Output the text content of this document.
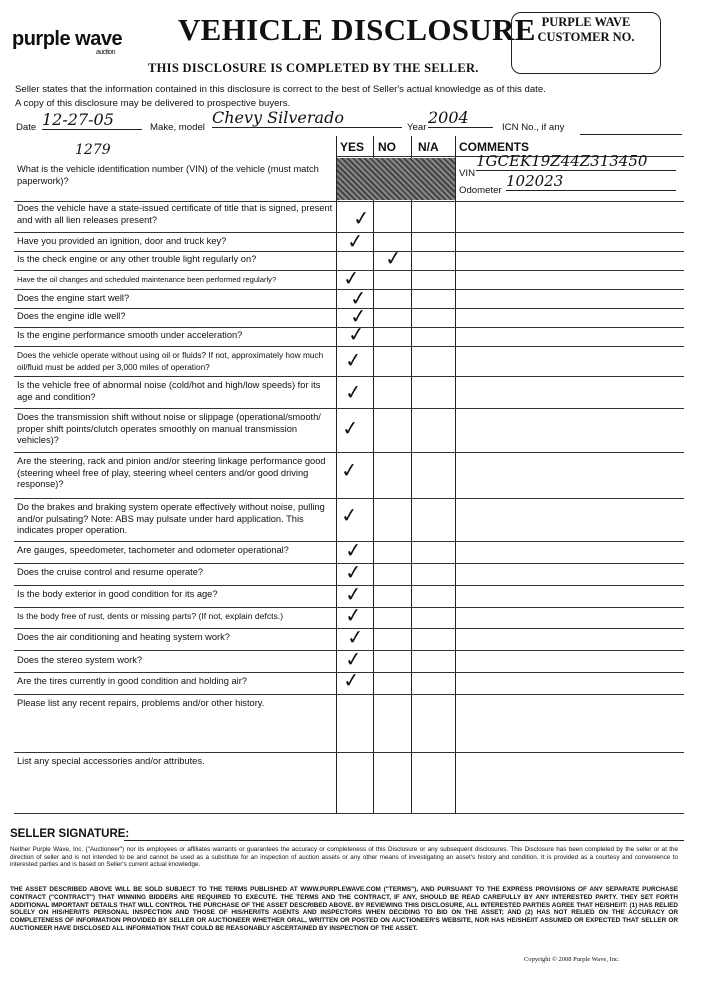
purple wave
auction
VEHICLE DISCLOSURE PURPLE WAVE
CUSTOMER NO.
THIS DISCLOSURE IS COMPLETED BY THE SELLER.
Seller states that the information contained in this disclosure is correct to the best of Seller's actual knowledge as of this date.
A copy of this disclosure may be delivered to prospective buyers.
Date 12-27-05	Make, model
Chevy Silverado
Year
2004
ICN No., if any
1279	YES NO N/A COMMENTS
VIN
1GCEK19Z44Z313450
Odometer
102023
What is the vehicle identification number (VIN) of the vehicle (must match paperwork)?
Does the vehicle have a state-issued certificate of title that is signed, present and with all lien releases present?
Have you provided an ignition, door and truck key?
Is the check engine or any other trouble light regularly on?
Have the oil changes and scheduled maintenance been performed regularly?
Does the engine start well?
Does the engine idle well?
Is the engine performance smooth under acceleration?
Does the vehicle operate without using oil or fluids? If not, approximately how much oil/fluid must be added per 3,000 miles of operation?
Is the vehicle free of abnormal noise (cold/hot and high/low speeds) for its age and condition?
Does the transmission shift without noise or slippage (operational/smooth/ proper shift points/clutch operates smoothly on manual transmission vehicles)?
Are the steering, rack and pinion and/or steering linkage performance good (steering wheel free of play, steering wheel centers and/or good driving response)?
Do the brakes and braking system operate effectively without noise, pulling and/or pulsating? Note: ABS may pulsate under hard application. This indicates proper operation.
Are gauges, speedometer, tachometer and odometer operational?
Does the cruise control and resume operate?
Is the body exterior in good condition for its age?
Is the body free of rust, dents or missing parts? (If not, explain defcts.)
Does the air conditioning and heating system work?
Does the stereo system work?
Are the tires currently in good condition and holding air?
Please list any recent repairs, problems and/or other history.
List any special accessories and/or attributes.
✓
✓
✓
✓
✓
✓
✓
✓
✓
✓
✓
✓
✓
✓
✓
✓
✓
✓
✓
SELLER SIGNATURE:
Neither Purple Wave, Inc. ("Auctioneer") nor its employees or affiliates warrants or guarantees the accuracy or completeness of this Disclosure or any subsequent disclosures. This Disclosure has been completed by the seller or at the direction of seller and is not intended to be and cannot be used as a substitute for an inspection of auction assets or any other means of investigating an asset's history and condition. It is provided as a courtesy and convenience to interested parties and is based on Seller's current actual knowledge.
THE ASSET DESCRIBED ABOVE WILL BE SOLD SUBJECT TO THE TERMS PUBLISHED AT WWW.PURPLEWAVE.COM ("TERMS"), AND PURSUANT TO THE EXPRESS PROVISIONS OF ANY SEPARATE PURCHASE CONTRACT ("CONTRACT") THAT WINNING BIDDERS ARE REQUIRED TO EXECUTE. THE TERMS AND THE CONTRACT, IF ANY, SHOULD BE READ CAREFULLY BY ANY INTERESTED PARTY. THEY SET FORTH ADDITIONAL IMPORTANT DETAILS THAT WILL CONTROL THE PURCHASE OF THE ASSET DESCRIBED ABOVE. BY REVIEWING THIS DISCLOSURE, ALL INTERESTED PARTIES AGREE THAT HE/SHE/IT: (1) HAS RELIED SOLELY ON HIS/HER/ITS PERSONAL INSPECTION AND THOSE OF HIS/HER/ITS AGENTS AND INSPECTORS WHEN DECIDING TO BID ON THE ASSET; AND (2) HAS NOT RELIED ON THE ACCURACY OR COMPLETENESS OF INFORMATION PROVIDED BY SELLER OR AUCTIONEER WHETHER ORAL, WRITTEN OR POSTED ON AUCTIONEER'S WEBSITE, NOR HAS HE/SHE/IT ASSUMED OR EXPECTED THAT SELLER OR AUCTIONEER HAVE DISCLOSED ALL INFORMATION THAT COULD BE REASONABLY ASCERTAINED BY INSPECTION OF THE ASSET.
Copyright © 2008 Purple Wave, Inc.
